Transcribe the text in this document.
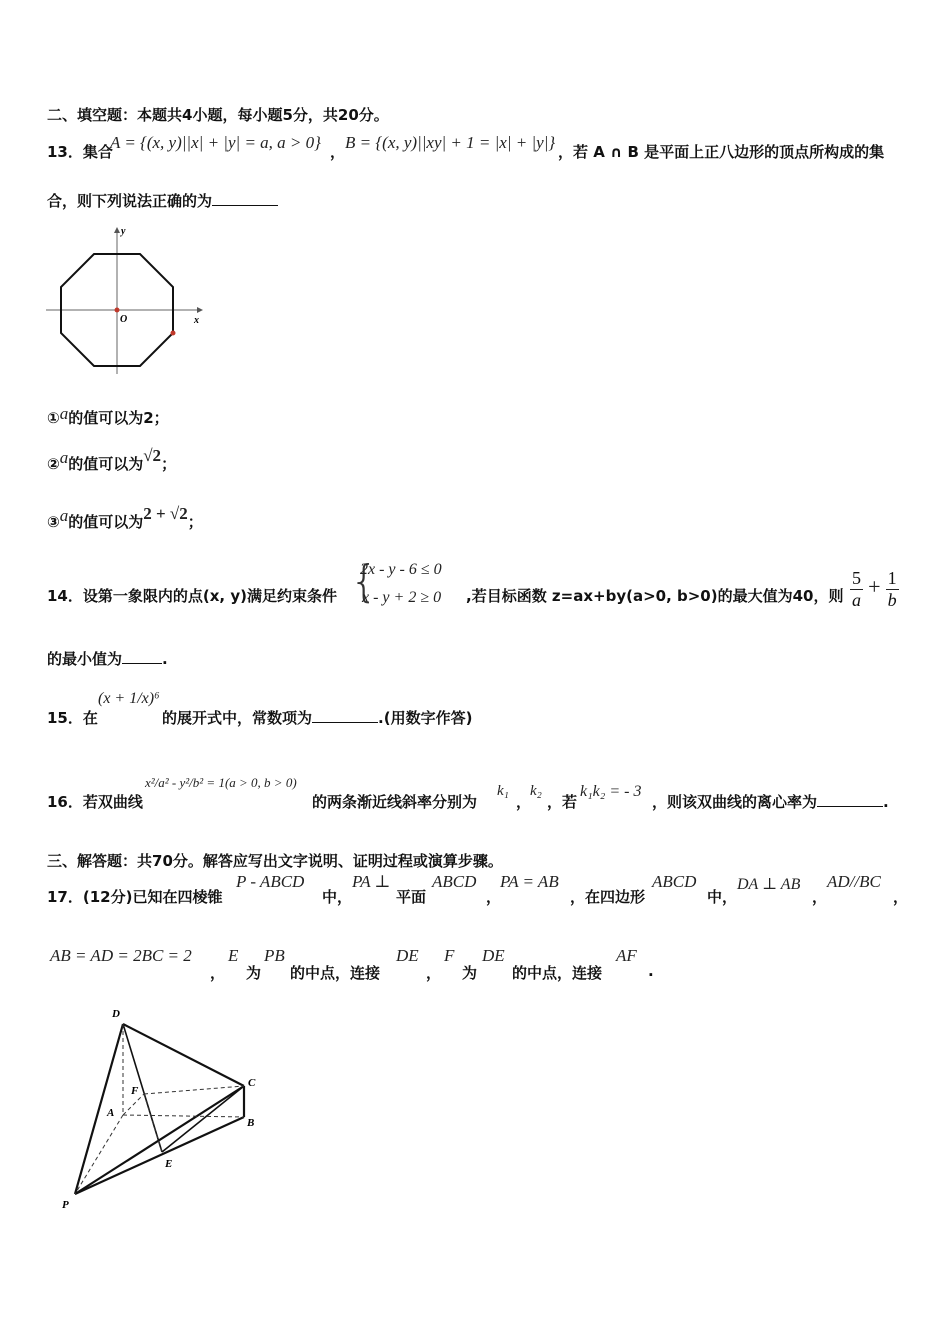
二、填空题：本题共4小题，每小题5分，共20分。
13．集合
A = {(x, y)||x| + |y| = a, a > 0} ， B = {(x, y)||xy| + 1 = |x| + |y|} ，若 A ∩ B 是平面上正八边形的顶点所构成的集
合，则下列说法正确的为
y
x
O
①a的值可以为2；
②a的值可以为√2；
③a的值可以为2 + √2；
14．设第一象限内的点(x, y)满足约束条件 {
2x - y - 6 ≤ 0
x - y + 2 ≥ 0 ,若目标函数 z=ax+by(a>0, b>0)的最大值为40，则 $\frac{5}{a} + \frac{1}{b}$
的最小值为	.
15．在
(x + 1/x)⁶
的展开式中，常数项为	.(用数字作答)
16．若双曲线
x²/a² - y²/b² = 1(a > 0, b > 0)
的两条渐近线斜率分别为
k₁
，
k₂
，若
k₁k₂ = - 3
，则该双曲线的离心率为	.
三、解答题：共70分。解答应写出文字说明、证明过程或演算步骤。
17．(12分)已知在四棱锥
P - ABCD
中，
PA ⊥
平面
ABCD
，
PA = AB
，在四边形
ABCD
中，
DA ⊥ AB
，
AD//BC
，
AB = AD = 2BC = 2
，
E
为
PB
的中点，连接
DE
，
F
为
DE
的中点，连接
AF
.
D
F
A
C
B
E
P
